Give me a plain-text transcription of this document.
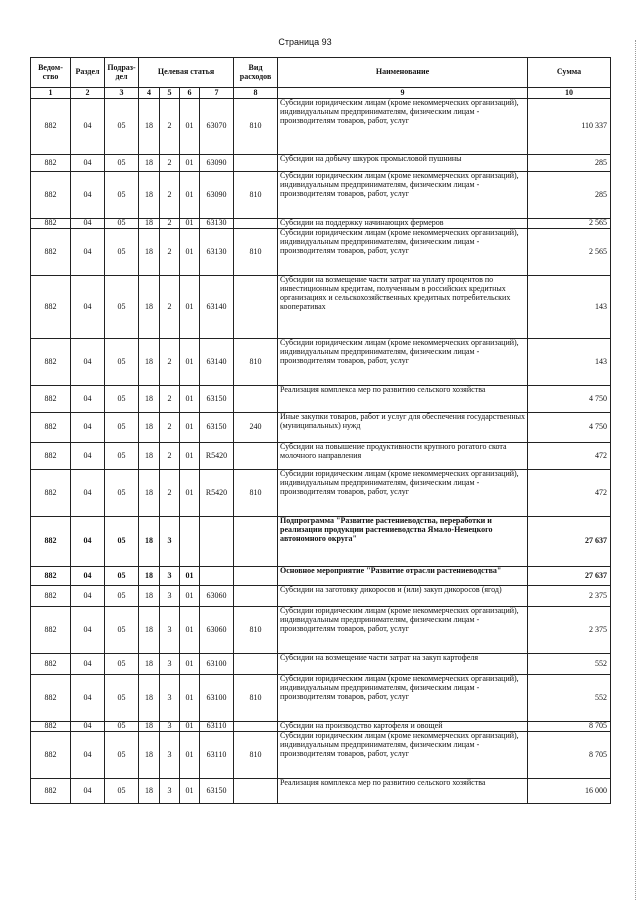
Страница 93
Ведом-ство	Раздел	Подраз-дел	Целевая статья				Вид расходов	Наименование	Сумма
1	2	3	4	5	6	7	8	9	10
882	04	05	18	2	01	63070	810	Субсидии юридическим лицам (кроме некоммерческих организаций), индивидуальным предпринимателям, физическим лицам - производителям товаров, работ, услуг	110 337
882	04	05	18	2	01	63090		Субсидии на добычу шкурок промысловой пушнины	285
882	04	05	18	2	01	63090	810	Субсидии юридическим лицам (кроме некоммерческих организаций), индивидуальным предпринимателям, физическим лицам - производителям товаров, работ, услуг	285
882	04	05	18	2	01	63130		Субсидии на поддержку начинающих фермеров	2 565
882	04	05	18	2	01	63130	810	Субсидии юридическим лицам (кроме некоммерческих организаций), индивидуальным предпринимателям, физическим лицам - производителям товаров, работ, услуг	2 565
882	04	05	18	2	01	63140		Субсидии на возмещение части затрат на уплату процентов по инвестиционным кредитам, полученным в российских кредитных организациях и сельскохозяйственных кредитных потребительских кооперативах	143
882	04	05	18	2	01	63140	810	Субсидии юридическим лицам (кроме некоммерческих организаций), индивидуальным предпринимателям, физическим лицам - производителям товаров, работ, услуг	143
882	04	05	18	2	01	63150		Реализация комплекса мер по развитию сельского хозяйства	4 750
882	04	05	18	2	01	63150	240	Иные закупки товаров, работ и услуг для обеспечения государственных (муниципальных) нужд	4 750
882	04	05	18	2	01	R5420		Субсидии на повышение продуктивности крупного рогатого скота молочного направления	472
882	04	05	18	2	01	R5420	810	Субсидии юридическим лицам (кроме некоммерческих организаций), индивидуальным предпринимателям, физическим лицам - производителям товаров, работ, услуг	472
882	04	05	18	3				Подпрограмма "Развитие растениеводства, переработки и реализации продукции растениеводства Ямало-Ненецкого автономного округа"	27 637
882	04	05	18	3	01			Основное мероприятие "Развитие отрасли растениеводства"	27 637
882	04	05	18	3	01	63060		Субсидии на заготовку дикоросов и (или) закуп дикоросов (ягод)	2 375
882	04	05	18	3	01	63060	810	Субсидии юридическим лицам (кроме некоммерческих организаций), индивидуальным предпринимателям, физическим лицам - производителям товаров, работ, услуг	2 375
882	04	05	18	3	01	63100		Субсидии на возмещение части затрат на закуп картофеля	552
882	04	05	18	3	01	63100	810	Субсидии юридическим лицам (кроме некоммерческих организаций), индивидуальным предпринимателям, физическим лицам - производителям товаров, работ, услуг	552
882	04	05	18	3	01	63110		Субсидии на производство картофеля и овощей	8 705
882	04	05	18	3	01	63110	810	Субсидии юридическим лицам (кроме некоммерческих организаций), индивидуальным предпринимателям, физическим лицам - производителям товаров, работ, услуг	8 705
882	04	05	18	3	01	63150		Реализация комплекса мер по развитию сельского хозяйства	16 000
